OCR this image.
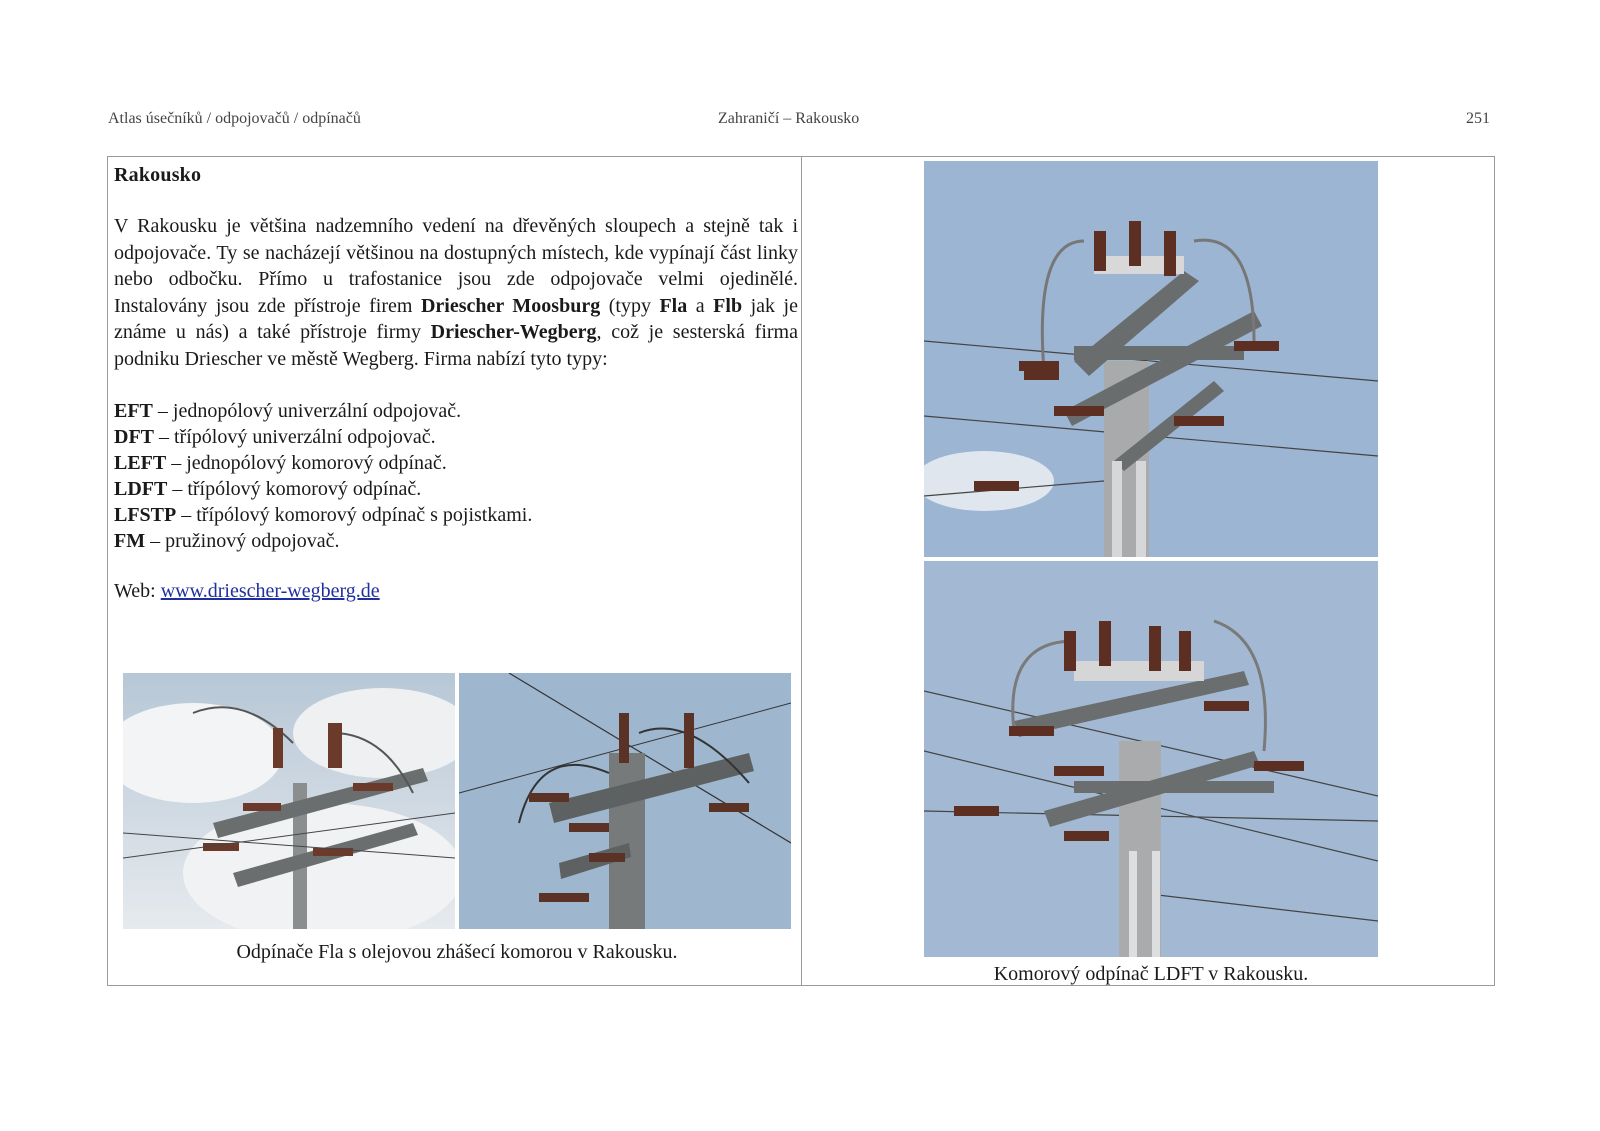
Atlas úsečníků / odpojovačů / odpínačů	Zahraničí – Rakousko	251
Rakousko

V Rakousku je většina nadzemního vedení na dřevěných sloupech a stejně tak i odpojovače. Ty se nacházejí většinou na dostupných místech, kde vypínají část linky nebo odbočku. Přímo u trafostanice jsou zde odpojovače velmi ojedinělé. Instalovány jsou zde přístroje firem Driescher Moosburg (typy Fla a Flb jak je známe u nás) a také přístroje firmy Driescher-Wegberg, což je sesterská firma podniku Driescher ve městě Wegberg. Firma nabízí tyto typy:

EFT – jednopólový univerzální odpojovač.
DFT – třípólový univerzální odpojovač.
LEFT – jednopólový komorový odpínač.
LDFT – třípólový komorový odpínač.
LFSTP – třípólový komorový odpínač s pojistkami.
FM – pružinový odpojovač.
Web: www.driescher-wegberg.de
Odpínače Fla s olejovou zhášecí komorou v Rakousku.
Komorový odpínač LDFT v Rakousku.
